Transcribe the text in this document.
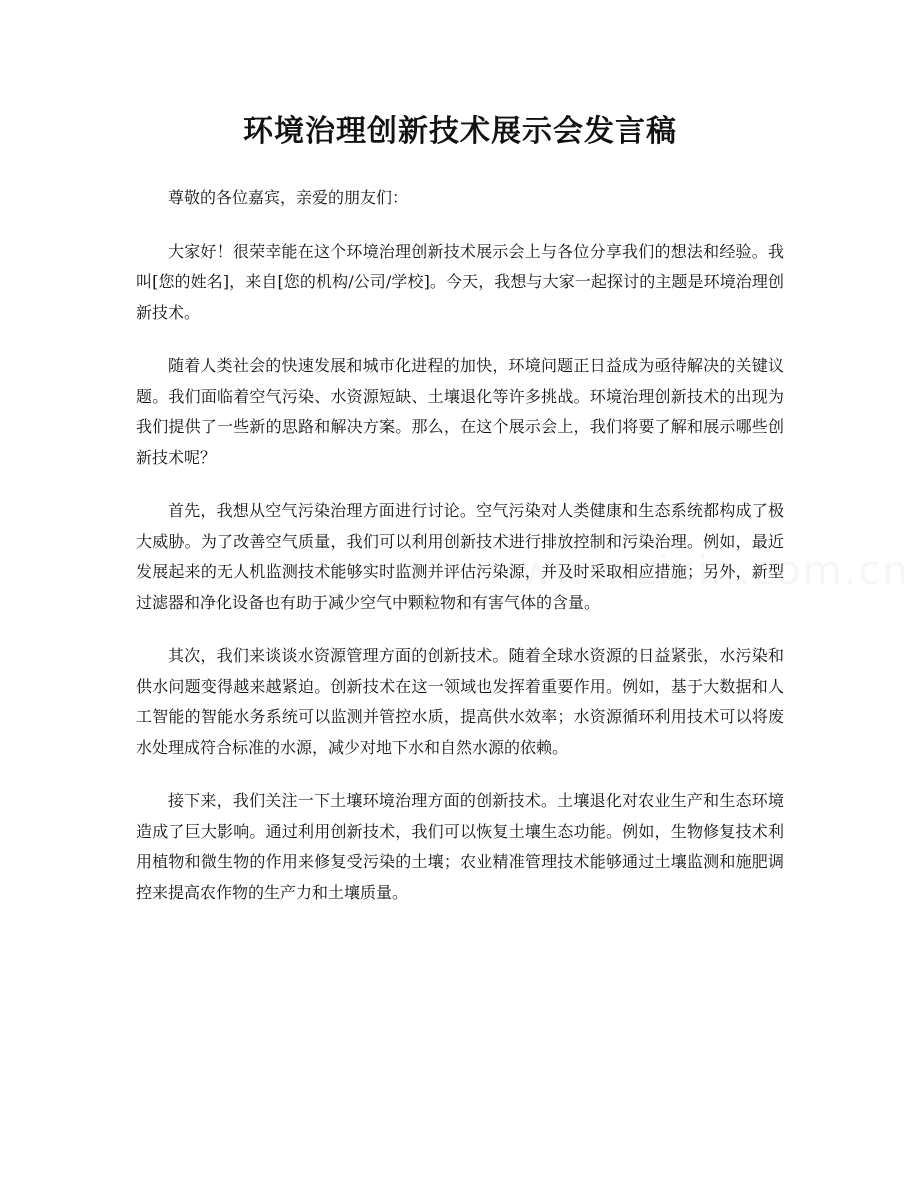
环境治理创新技术展示会发言稿

尊敬的各位嘉宾，亲爱的朋友们：

大家好！很荣幸能在这个环境治理创新技术展示会上与各位分享我们的想法和经验。我叫[您的姓名]，来自[您的机构/公司/学校]。今天，我想与大家一起探讨的主题是环境治理创新技术。

随着人类社会的快速发展和城市化进程的加快，环境问题正日益成为亟待解决的关键议题。我们面临着空气污染、水资源短缺、土壤退化等许多挑战。环境治理创新技术的出现为我们提供了一些新的思路和解决方案。那么，在这个展示会上，我们将要了解和展示哪些创新技术呢？

首先，我想从空气污染治理方面进行讨论。空气污染对人类健康和生态系统都构成了极大威胁。为了改善空气质量，我们可以利用创新技术进行排放控制和污染治理。例如，最近发展起来的无人机监测技术能够实时监测并评估污染源，并及时采取相应措施；另外，新型过滤器和净化设备也有助于减少空气中颗粒物和有害气体的含量。

其次，我们来谈谈水资源管理方面的创新技术。随着全球水资源的日益紧张，水污染和供水问题变得越来越紧迫。创新技术在这一领域也发挥着重要作用。例如，基于大数据和人工智能的智能水务系统可以监测并管控水质，提高供水效率；水资源循环利用技术可以将废水处理成符合标准的水源，减少对地下水和自然水源的依赖。

接下来，我们关注一下土壤环境治理方面的创新技术。土壤退化对农业生产和生态环境造成了巨大影响。通过利用创新技术，我们可以恢复土壤生态功能。例如，生物修复技术利用植物和微生物的作用来修复受污染的土壤；农业精准管理技术能够通过土壤监测和施肥调控来提高农作物的生产力和土壤质量。
